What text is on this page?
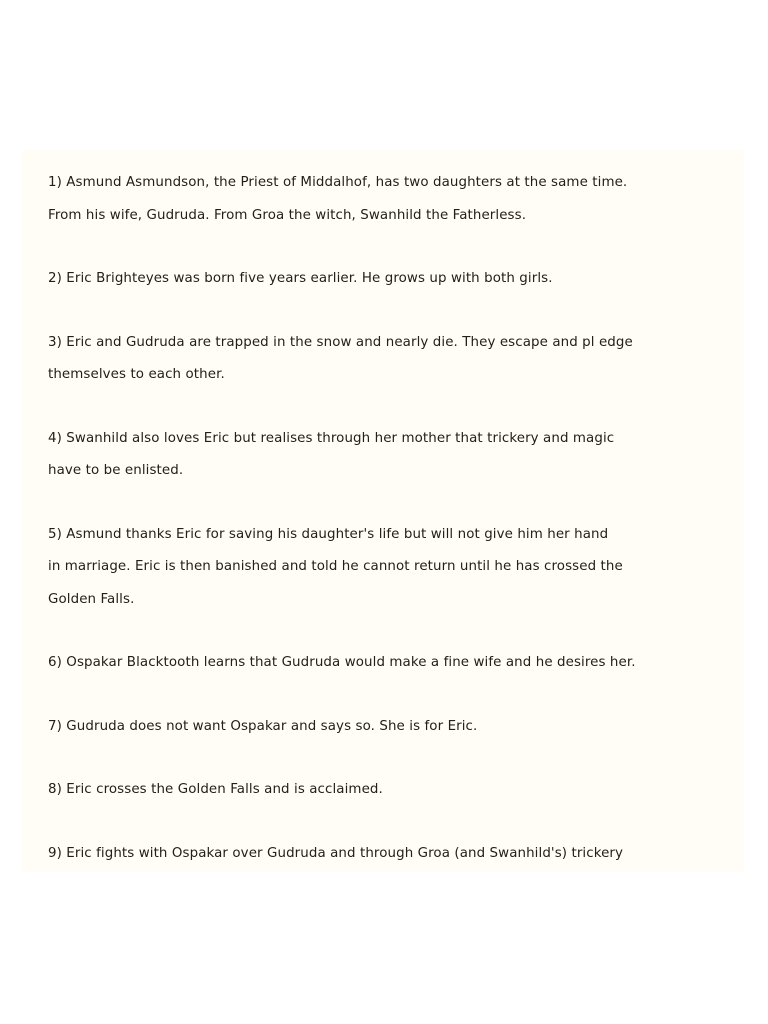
1) Asmund Asmundson, the Priest of Middalhof, has two daughters at the same time.
From his wife, Gudruda. From Groa the witch, Swanhild the Fatherless.

2) Eric Brighteyes was born five years earlier. He grows up with both girls.

3) Eric and Gudruda are trapped in the snow and nearly die. They escape and pl edge
themselves to each other.

4) Swanhild also loves Eric but realises through her mother that trickery and magic
have to be enlisted.

5) Asmund thanks Eric for saving his daughter's life but will not give him her hand
in marriage. Eric is then banished and told he cannot return until he has crossed the
Golden Falls.

6) Ospakar Blacktooth learns that Gudruda would make a fine wife and he desires her.

7) Gudruda does not want Ospakar and says so. She is for Eric.

8) Eric crosses the Golden Falls and is acclaimed.

9) Eric fights with Ospakar over Gudruda and through Groa (and Swanhild's) trickery
